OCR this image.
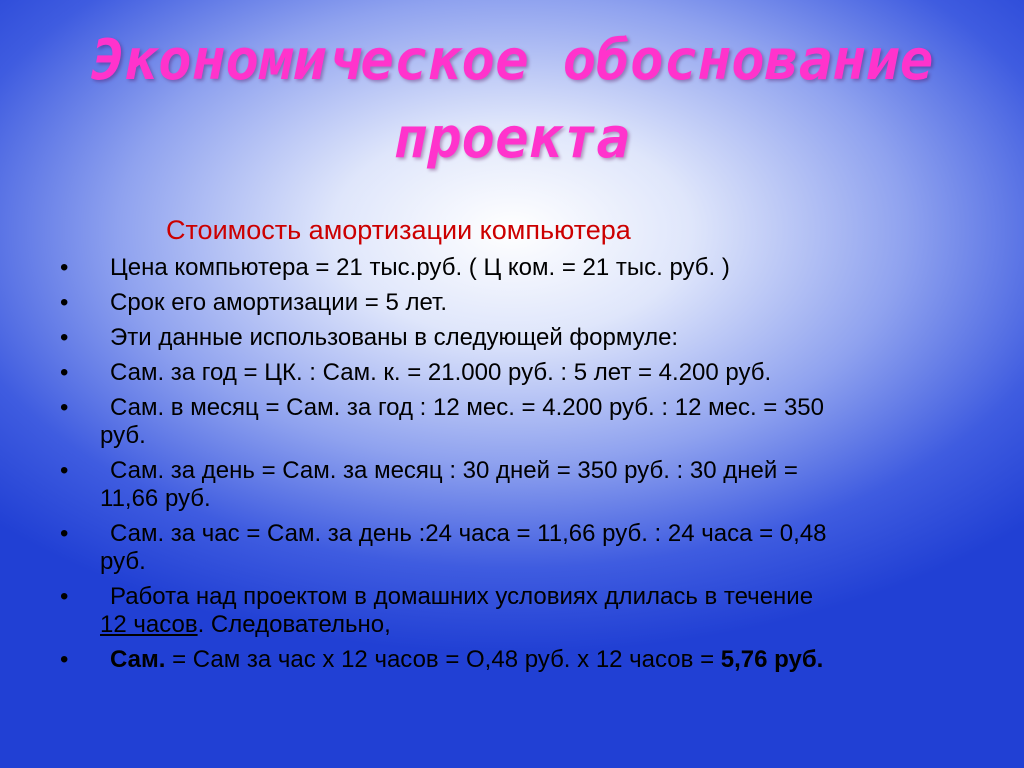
Экономическое обоснование
проекта

Стоимость амортизации компьютера

• Цена компьютера = 21 тыс.руб. ( Ц ком. = 21 тыс. руб. )
• Срок его амортизации = 5 лет.
• Эти данные использованы в следующей формуле:
• Сам. за год = ЦК. : Сам. к. = 21.000 руб. : 5 лет = 4.200 руб.
• Сам. в месяц = Сам. за год : 12 мес. = 4.200 руб. : 12 мес. = 350
руб.
• Сам. за день = Сам. за месяц : 30 дней = 350 руб. : 30 дней =
11,66 руб.
• Сам. за час = Сам. за день :24 часа = 11,66 руб. : 24 часа = 0,48
руб.
• Работа над проектом в домашних условиях длилась в течение
12 часов. Следовательно,
• Сам. = Сам за час х 12 часов = О,48 руб. х 12 часов = 5,76 руб.
